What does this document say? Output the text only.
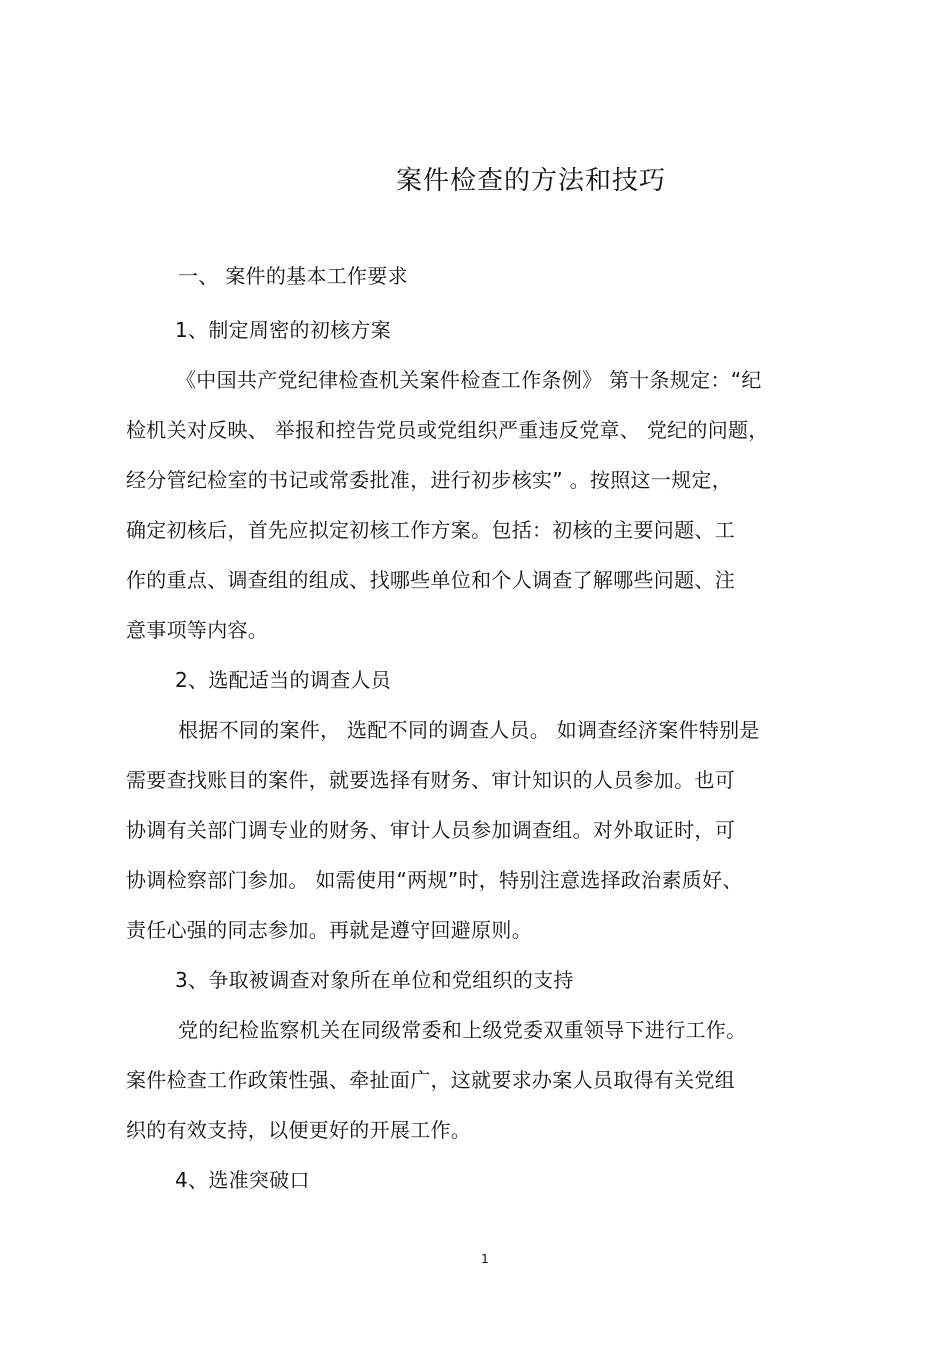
案件检查的方法和技巧
一、 案件的基本工作要求
1、制定周密的初核方案
《中国共产党纪律检查机关案件检查工作条例》 第十条规定：“纪
检机关对反映、 举报和控告党员或党组织严重违反党章、 党纪的问题，
经分管纪检室的书记或常委批准，进行初步核实” 。按照这一规定，
确定初核后，首先应拟定初核工作方案。包括：初核的主要问题、工
作的重点、调查组的组成、找哪些单位和个人调查了解哪些问题、注
意事项等内容。
2、选配适当的调查人员
根据不同的案件， 选配不同的调查人员。 如调查经济案件特别是
需要查找账目的案件，就要选择有财务、审计知识的人员参加。也可
协调有关部门调专业的财务、审计人员参加调查组。对外取证时，可
协调检察部门参加。 如需使用“两规”时，特别注意选择政治素质好、
责任心强的同志参加。再就是遵守回避原则。
3、争取被调查对象所在单位和党组织的支持
党的纪检监察机关在同级常委和上级党委双重领导下进行工作。
案件检查工作政策性强、牵扯面广，这就要求办案人员取得有关党组
织的有效支持，以便更好的开展工作。
4、选准突破口
1
